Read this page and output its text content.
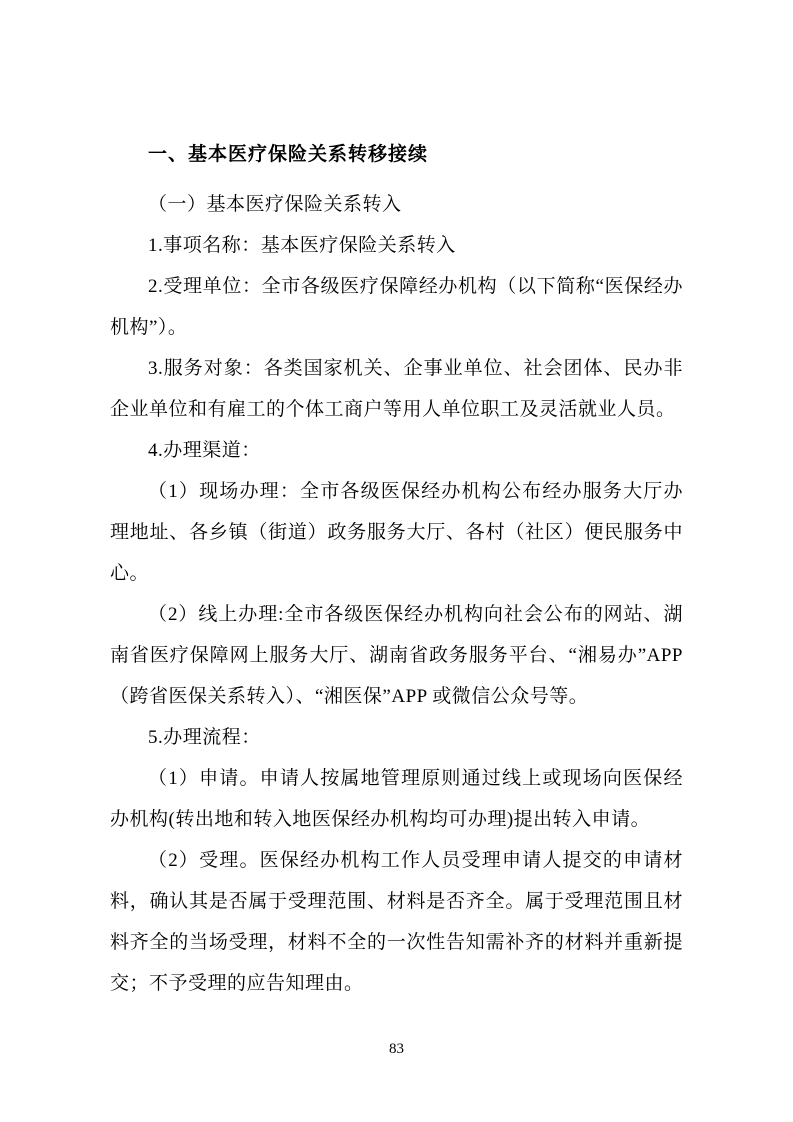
一、基本医疗保险关系转移接续

（一）基本医疗保险关系转入

1.事项名称：基本医疗保险关系转入

2.受理单位：全市各级医疗保障经办机构（以下简称“医保经办机构”）。

3.服务对象：各类国家机关、企事业单位、社会团体、民办非企业单位和有雇工的个体工商户等用人单位职工及灵活就业人员。

4.办理渠道：

（1）现场办理：全市各级医保经办机构公布经办服务大厅办理地址、各乡镇（街道）政务服务大厅、各村（社区）便民服务中心。

（2）线上办理:全市各级医保经办机构向社会公布的网站、湖南省医疗保障网上服务大厅、湖南省政务服务平台、“湘易办”APP（跨省医保关系转入）、“湘医保”APP 或微信公众号等。

5.办理流程：

（1）申请。申请人按属地管理原则通过线上或现场向医保经办机构(转出地和转入地医保经办机构均可办理)提出转入申请。

（2）受理。医保经办机构工作人员受理申请人提交的申请材料，确认其是否属于受理范围、材料是否齐全。属于受理范围且材料齐全的当场受理，材料不全的一次性告知需补齐的材料并重新提交；不予受理的应告知理由。

83
